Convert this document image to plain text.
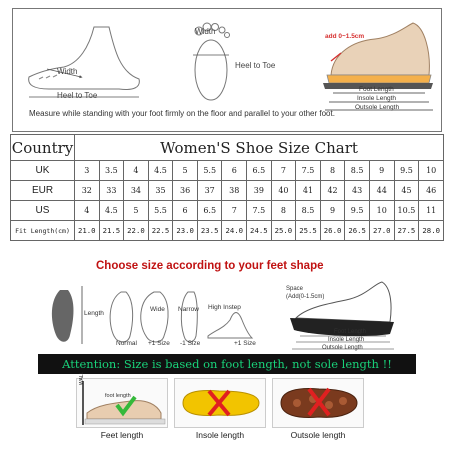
Width
Heel to Toe
Width
Heel to Toe
add 0~1.5cm
Foot Length
Insole Length
Outsole Length
Measure while standing with your foot firmly on the floor and parallel to your other foot.
Country	Women'S Shoe Size Chart														
UK	3	3.5	4	4.5	5	5.5	6	6.5	7	7.5	8	8.5	9	9.5	10
EUR	32	33	34	35	36	37	38	39	40	41	42	43	44	45	46
US	4	4.5	5	5.5	6	6.5	7	7.5	8	8.5	9	9.5	10	10.5	11
Fit Length(cm)	21.0	21.5	22.0	22.5	23.0	23.5	24.0	24.5	25.0	25.5	26.0	26.5	27.0	27.5	28.0
Choose size according to your feet shape
Length
Wide Narrow
Normal +1 Size -1 Size
High Instep
+1 Size
Space
(Add(0-1.5cm)
Foot Length
Insole Length
Outsole Length
Attention: Size is based on foot length, not sole length !!
WALL
foot length
Feet length	Insole length	Outsole length
